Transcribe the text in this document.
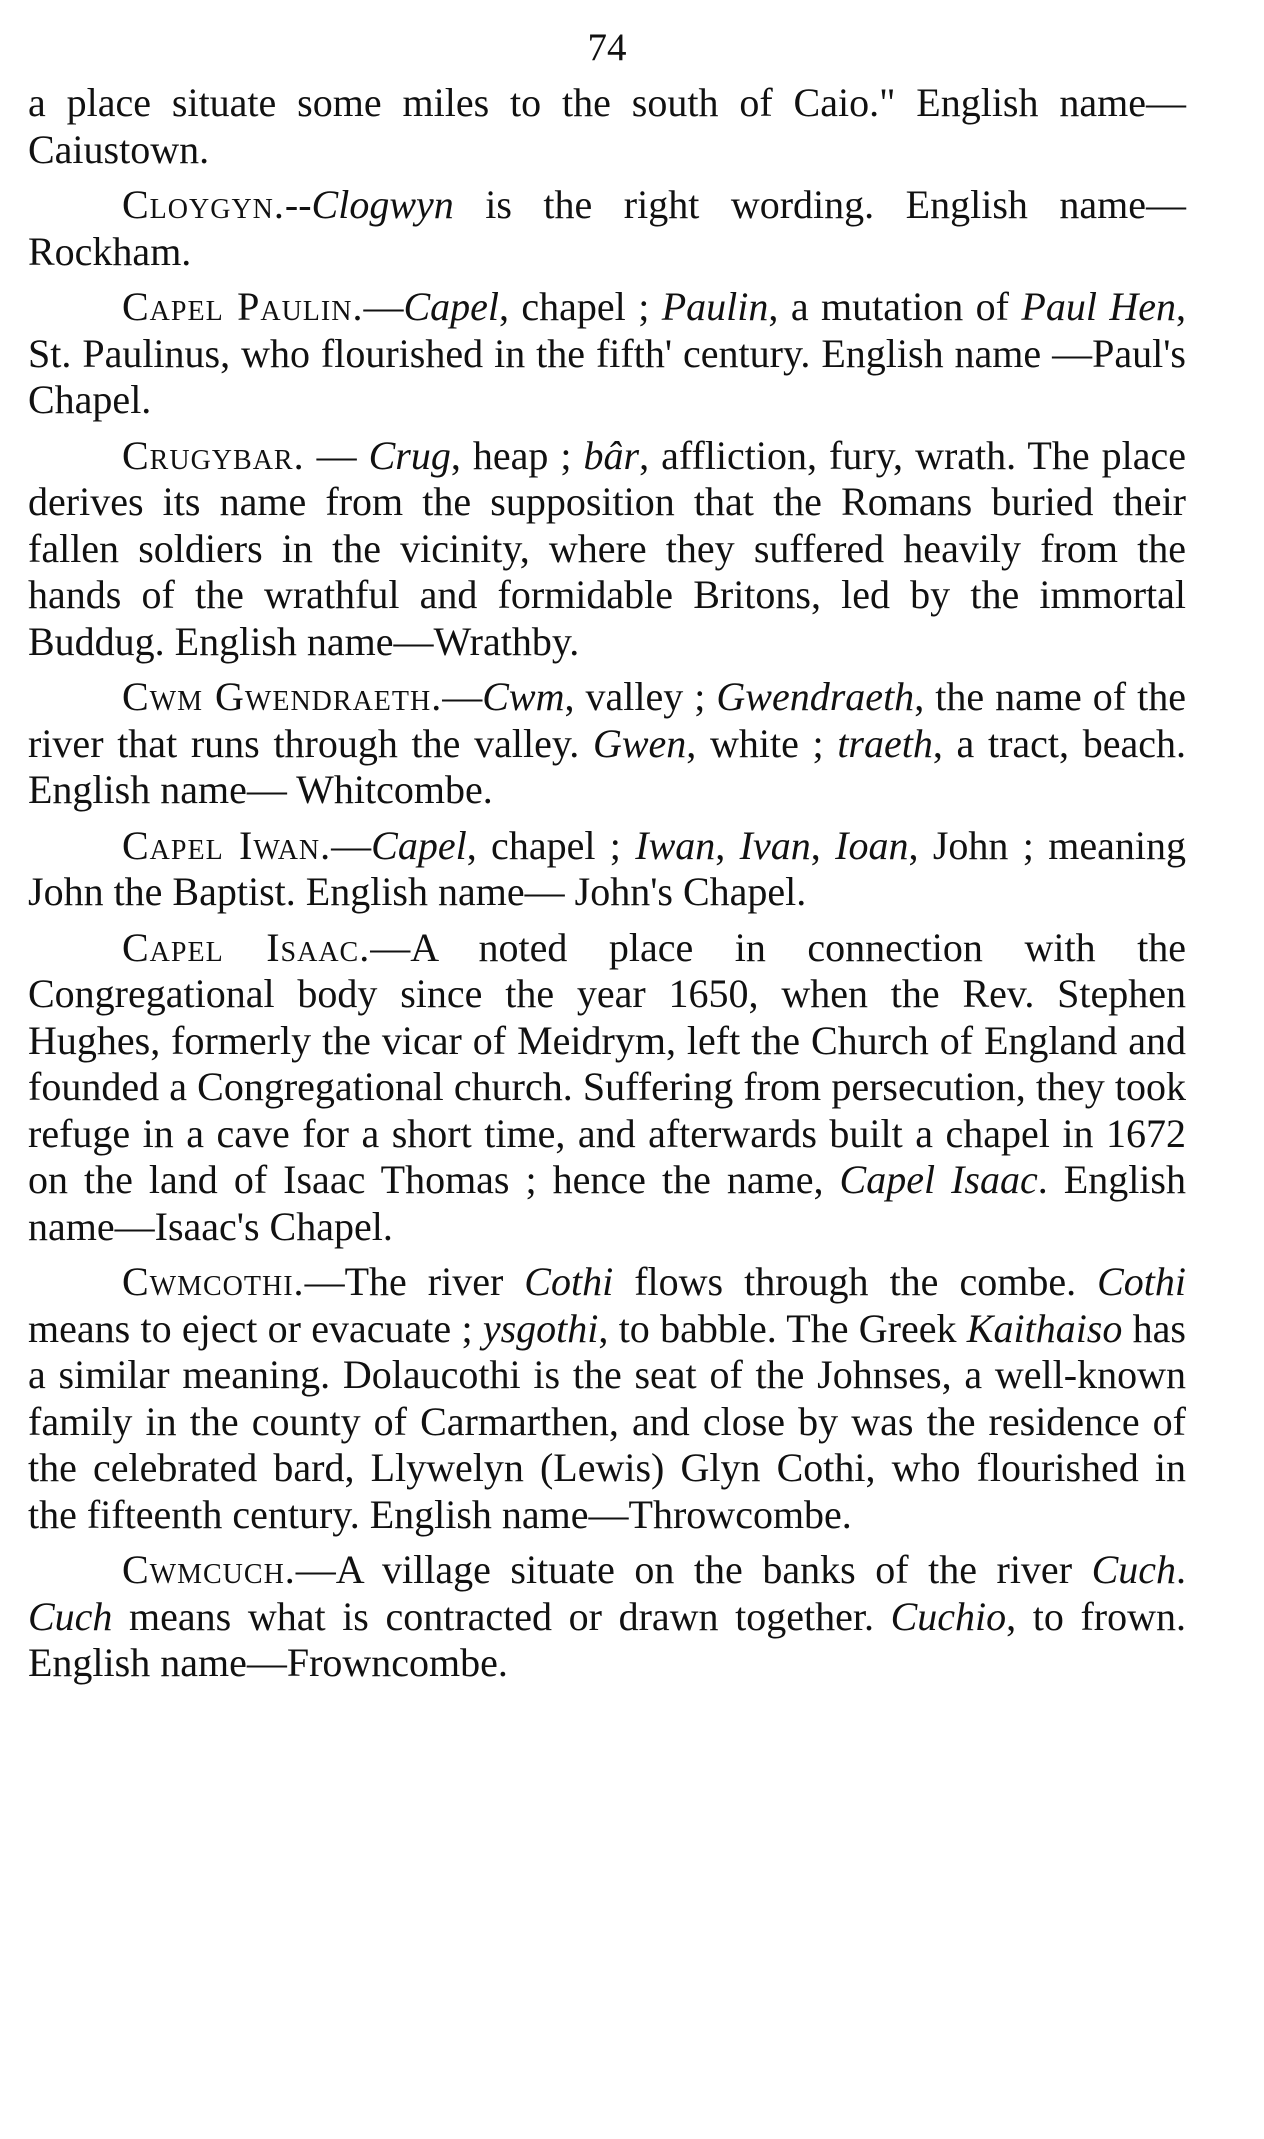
74

a place situate some miles to the south of Caio." English name—Caiustown.

Cloygyn.--Clogwyn is the right wording. English name—Rockham.

Capel Paulin.—Capel, chapel ; Paulin, a mutation of Paul Hen, St. Paulinus, who flourished in the fifth' century. English name —Paul's Chapel.

Crugybar. — Crug, heap ; bâr, affliction, fury, wrath. The place derives its name from the supposition that the Romans buried their fallen soldiers in the vicinity, where they suffered heavily from the hands of the wrathful and formidable Britons, led by the immortal Buddug. English name—Wrathby.

Cwm Gwendraeth.—Cwm, valley ; Gwendraeth, the name of the river that runs through the valley. Gwen, white ; traeth, a tract, beach. English name— Whitcombe.

Capel Iwan.—Capel, chapel ; Iwan, Ivan, Ioan, John ; meaning John the Baptist. English name— John's Chapel.

Capel Isaac.—A noted place in connection with the Congregational body since the year 1650, when the Rev. Stephen Hughes, formerly the vicar of Meidrym, left the Church of England and founded a Congregational church. Suffering from persecution, they took refuge in a cave for a short time, and afterwards built a chapel in 1672 on the land of Isaac Thomas ; hence the name, Capel Isaac. English name—Isaac's Chapel.

Cwmcothi.—The river Cothi flows through the combe. Cothi means to eject or evacuate ; ysgothi, to babble. The Greek Kaithaiso has a similar meaning. Dolaucothi is the seat of the Johnses, a well-known family in the county of Carmarthen, and close by was the residence of the celebrated bard, Llywelyn (Lewis) Glyn Cothi, who flourished in the fifteenth century. English name—Throwcombe.

Cwmcuch.—A village situate on the banks of the river Cuch. Cuch means what is contracted or drawn together. Cuchio, to frown. English name—Frowncombe.
